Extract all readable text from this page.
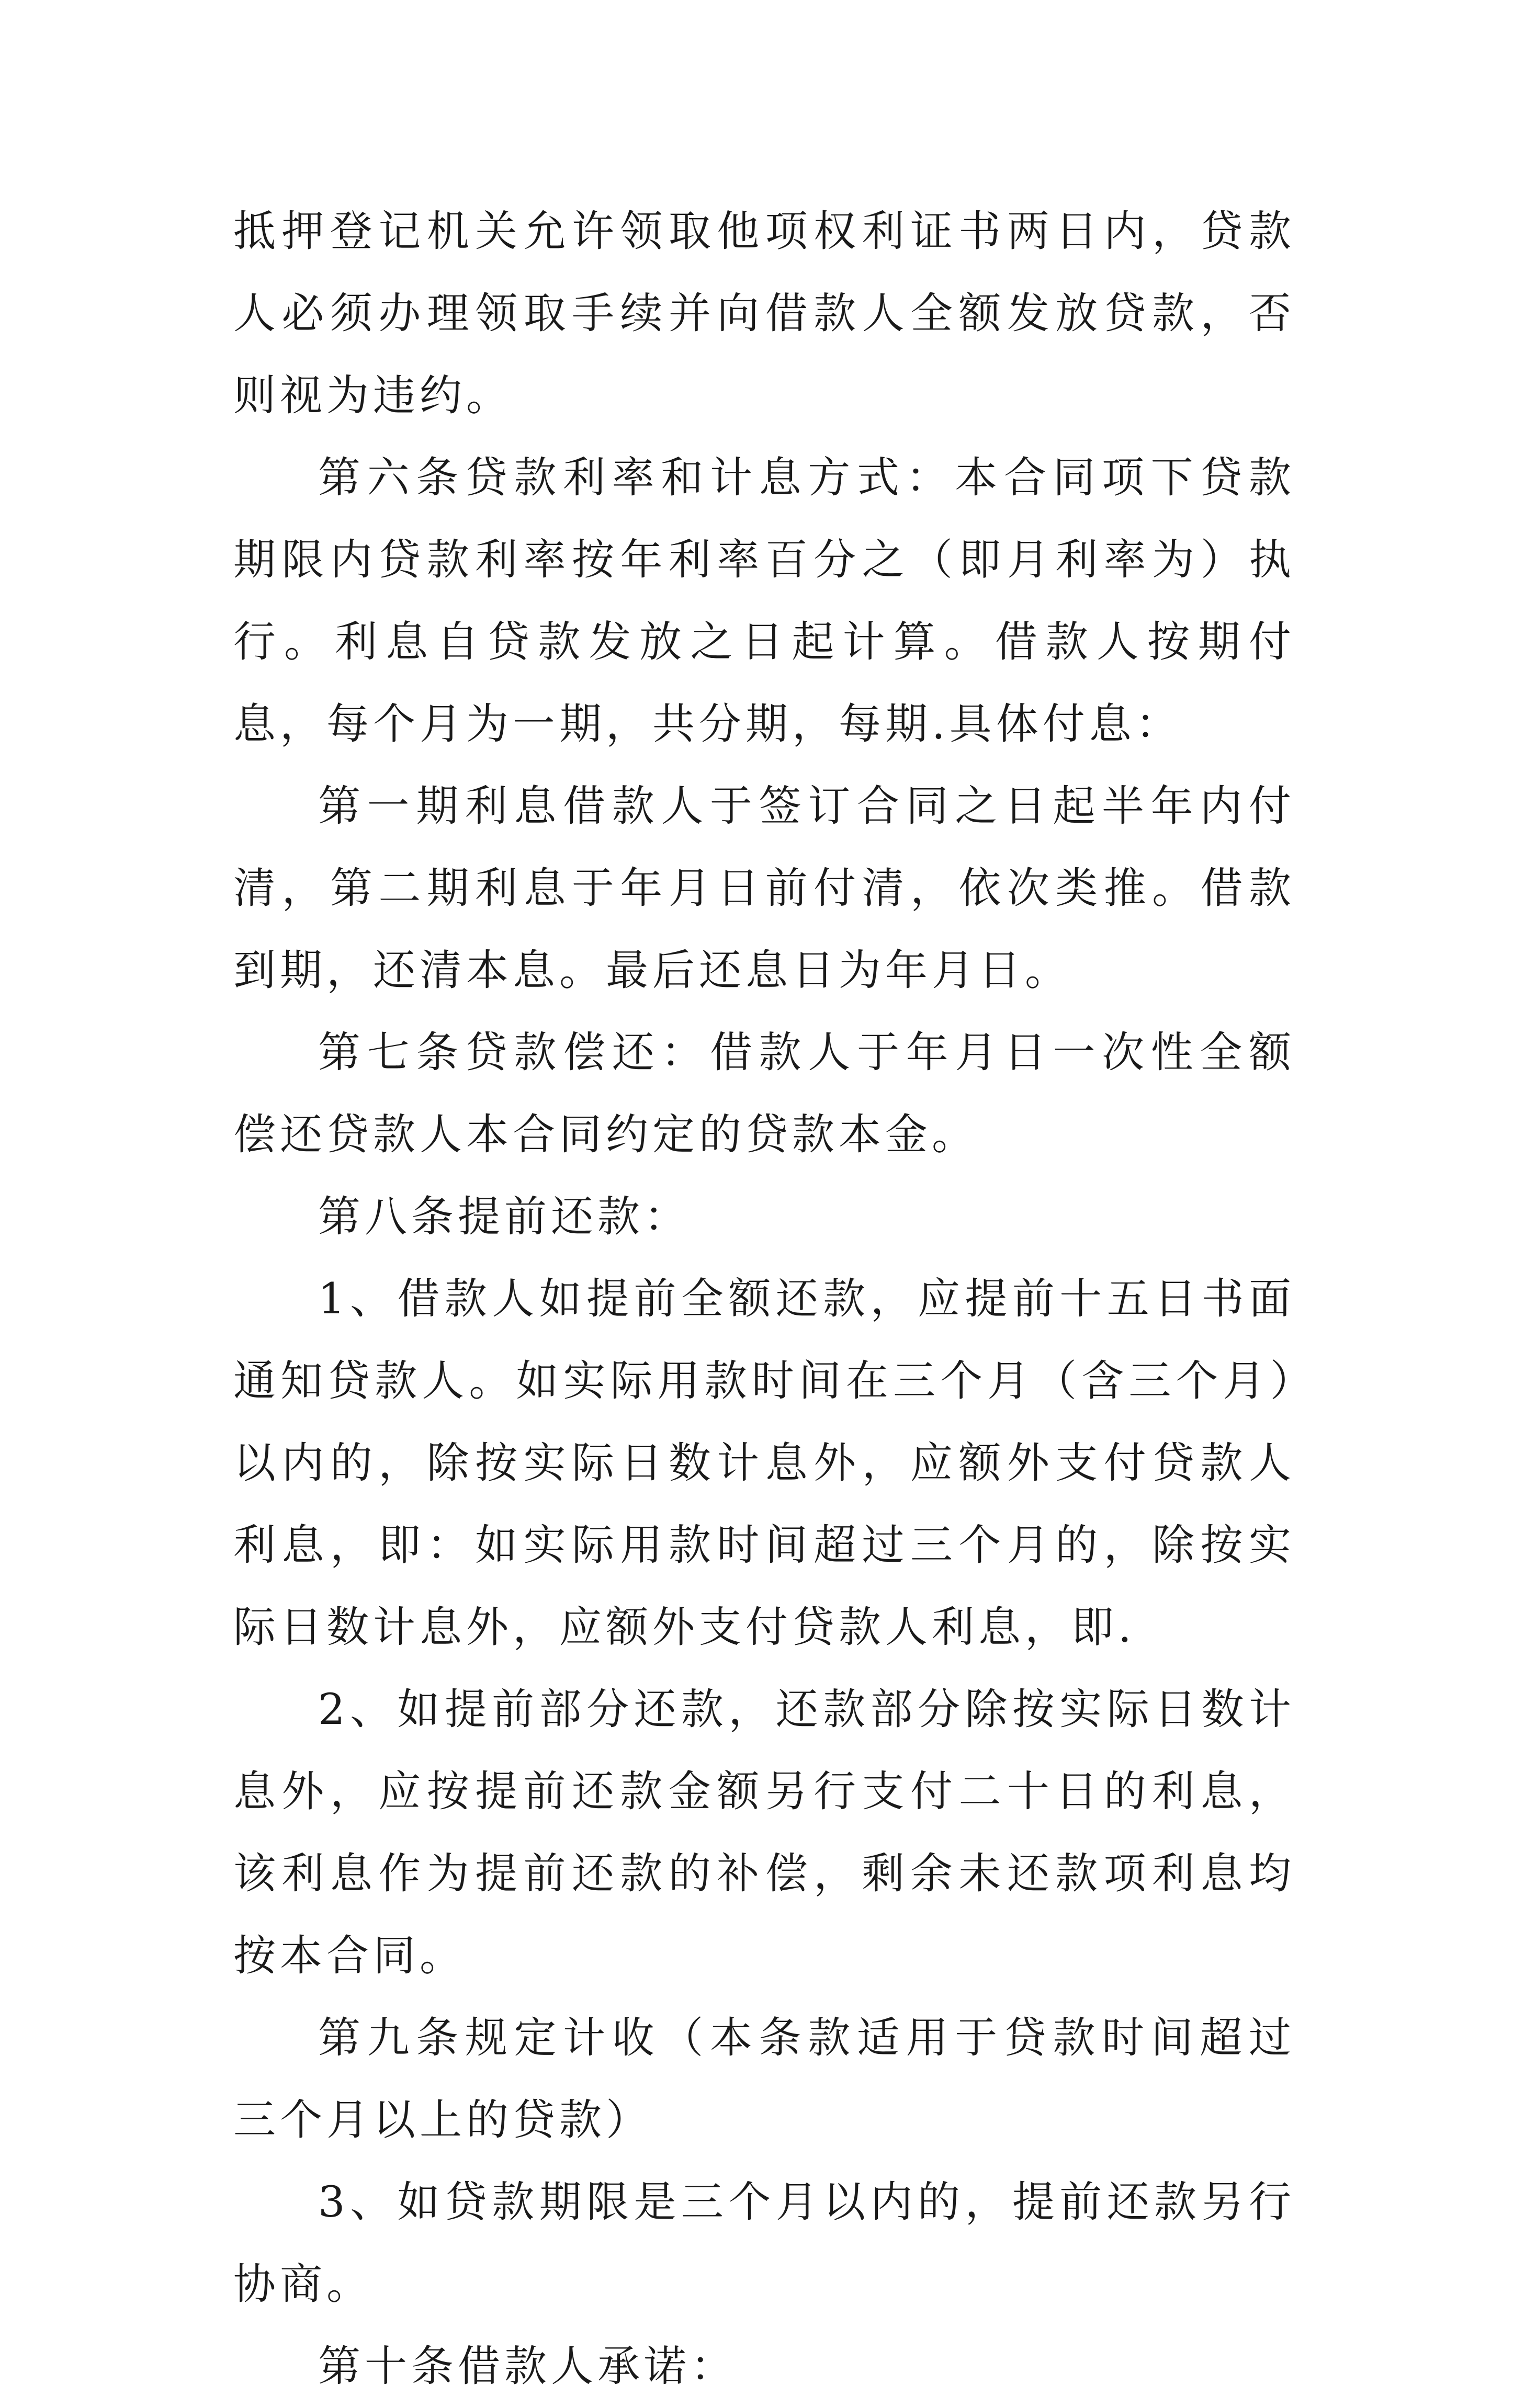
抵押登记机关允许领取他项权利证书两日内，贷款人必须办理领取手续并向借款人全额发放贷款，否则视为违约。

第六条贷款利率和计息方式：本合同项下贷款期限内贷款利率按年利率百分之（即月利率为）执行。利息自贷款发放之日起计算。借款人按期付息，每个月为一期，共分期，每期.具体付息：

第一期利息借款人于签订合同之日起半年内付清，第二期利息于年月日前付清，依次类推。借款到期，还清本息。最后还息日为年月日。

第七条贷款偿还：借款人于年月日一次性全额偿还贷款人本合同约定的贷款本金。

第八条提前还款：

1、借款人如提前全额还款，应提前十五日书面通知贷款人。如实际用款时间在三个月（含三个月）以内的，除按实际日数计息外，应额外支付贷款人利息，即：如实际用款时间超过三个月的，除按实际日数计息外，应额外支付贷款人利息，即.

2、如提前部分还款，还款部分除按实际日数计息外，应按提前还款金额另行支付二十日的利息，该利息作为提前还款的补偿，剩余未还款项利息均按本合同。

第九条规定计收（本条款适用于贷款时间超过三个月以上的贷款）

3、如贷款期限是三个月以内的，提前还款另行协商。

第十条借款人承诺：
